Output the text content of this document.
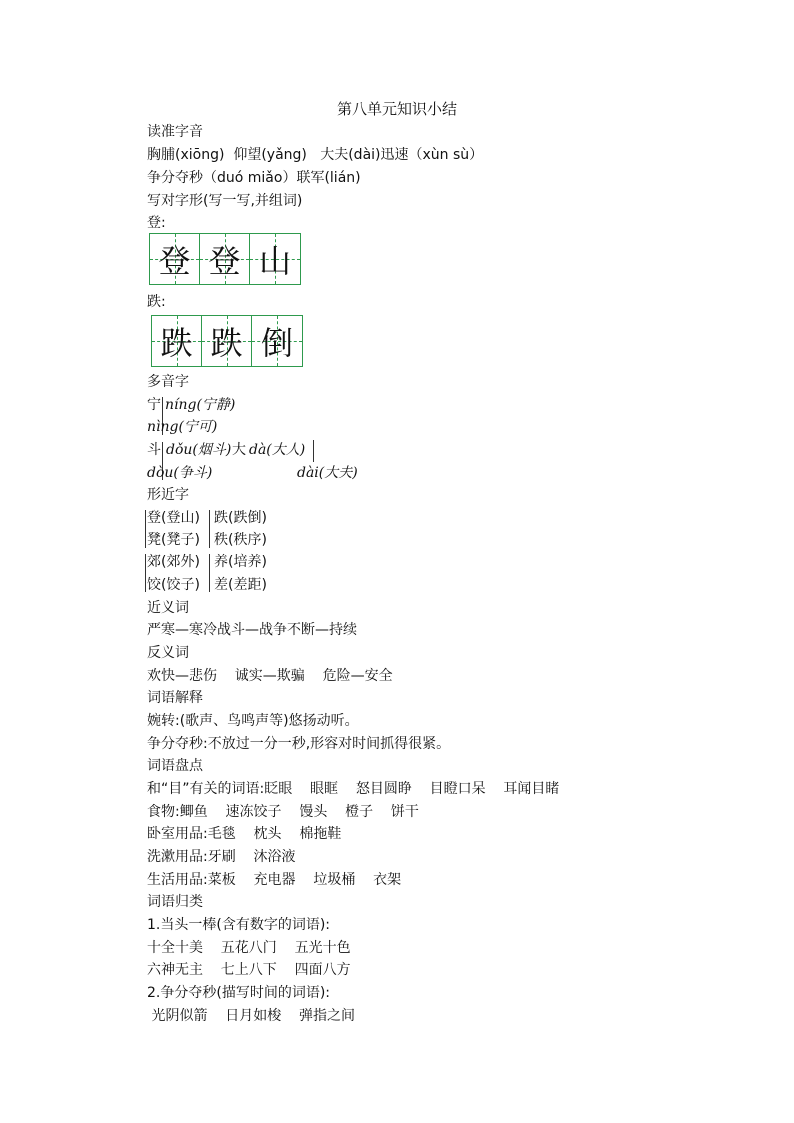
第八单元知识小结
读准字音
胸脯(xiōng)  仰望(yǎng)   大夫(dài)迅速（xùn sù）
争分夺秒（duó miǎo）联军(lián)
写对字形(写一写,并组词)
登:
登 登 山
跌:
跌 跌 倒
多音字
宁 níng(宁静)
nìng(宁可)
斗 dǒu(烟斗) 大 dà(大人)
dòu(争斗)	dài(大夫)
形近字
登(登山) 跌(跌倒)
凳(凳子) 秩(秩序)
郊(郊外) 养(培养)
饺(饺子) 差(差距)
近义词
严寒—寒冷战斗—战争不断—持续
反义词
欢快—悲伤    诚实—欺骗    危险—安全
词语解释
婉转:(歌声、鸟鸣声等)悠扬动听。
争分夺秒:不放过一分一秒,形容对时间抓得很紧。
词语盘点
和“目”有关的词语:眨眼    眼眶    怒目圆睁    目瞪口呆    耳闻目睹
食物:鲫鱼    速冻饺子    馒头    橙子    饼干
卧室用品:毛毯    枕头    棉拖鞋
洗漱用品:牙刷    沐浴液
生活用品:菜板    充电器    垃圾桶    衣架
词语归类
1.当头一棒(含有数字的词语):
十全十美    五花八门    五光十色
六神无主    七上八下    四面八方
2.争分夺秒(描写时间的词语):
光阴似箭    日月如梭    弹指之间
